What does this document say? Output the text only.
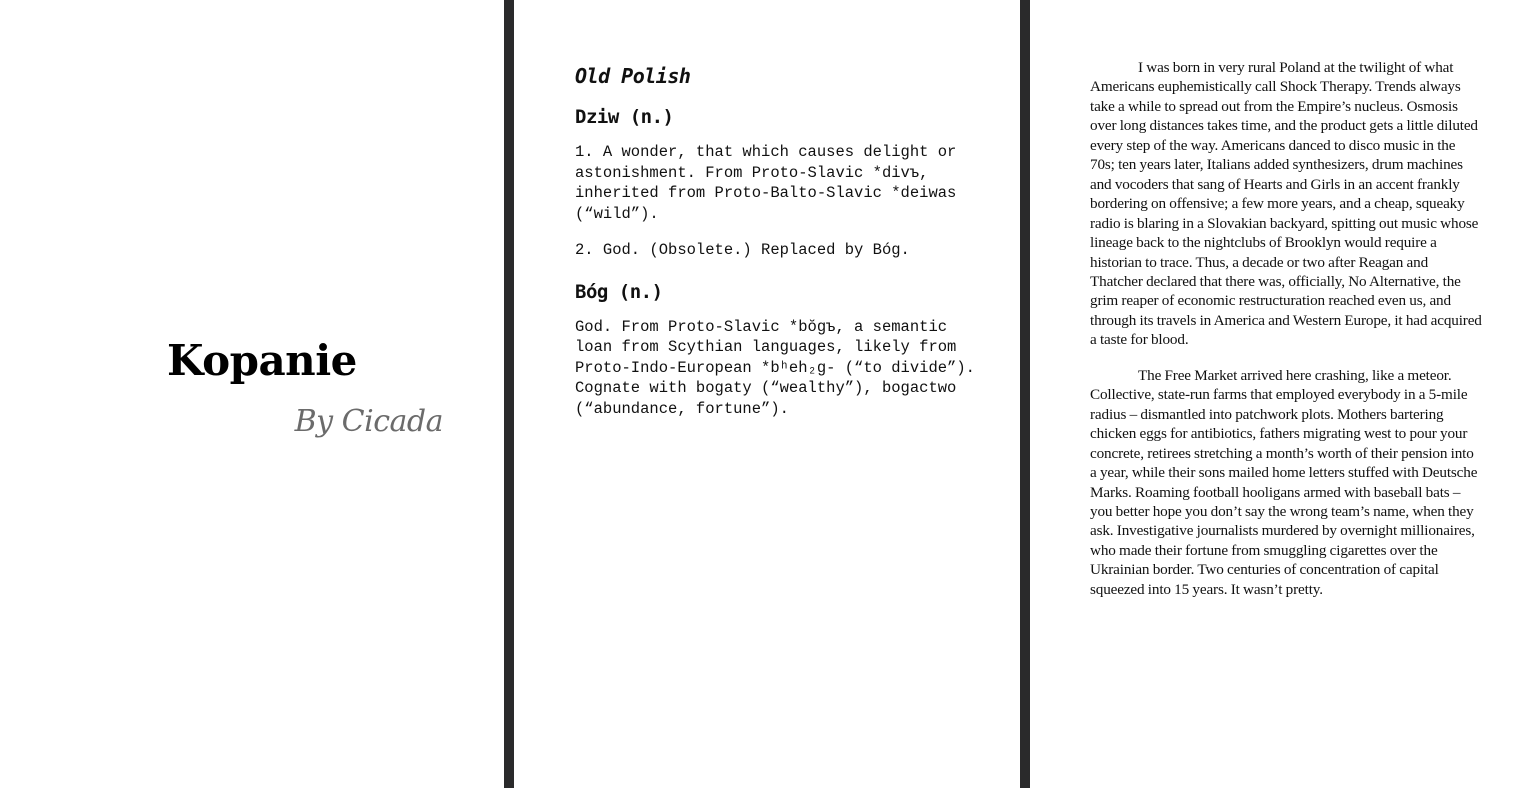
Kopanie
By Cicada
Old Polish
Dziw (n.)
1. A wonder, that which causes delight or
astonishment. From Proto-Slavic *divъ,
inherited from Proto-Balto-Slavic *deiwas
(“wild”).
2. God. (Obsolete.) Replaced by Bóg.
Bóg (n.)
God. From Proto-Slavic *bŏgъ, a semantic
loan from Scythian languages, likely from
Proto-Indo-European *bʰeh₂g- (“to divide”).
Cognate with bogaty (“wealthy”), bogactwo
(“abundance, fortune”).

I was born in very rural Poland at the twilight of what Americans euphemistically call Shock Therapy. Trends always take a while to spread out from the Empire’s nucleus. Osmosis over long distances takes time, and the product gets a little diluted every step of the way. Americans danced to disco music in the 70s; ten years later, Italians added synthesizers, drum machines and vocoders that sang of Hearts and Girls in an accent frankly bordering on offensive; a few more years, and a cheap, squeaky radio is blaring in a Slovakian backyard, spitting out music whose lineage back to the nightclubs of Brooklyn would require a historian to trace. Thus, a decade or two after Reagan and Thatcher declared that there was, officially, No Alternative, the grim reaper of economic restructuration reached even us, and through its travels in America and Western Europe, it had acquired a taste for blood.

The Free Market arrived here crashing, like a meteor. Collective, state-run farms that employed everybody in a 5-mile radius – dismantled into patchwork plots. Mothers bartering chicken eggs for antibiotics, fathers migrating west to pour your concrete, retirees stretching a month’s worth of their pension into a year, while their sons mailed home letters stuffed with Deutsche Marks. Roaming football hooligans armed with baseball bats – you better hope you don’t say the wrong team’s name, when they ask. Investigative journalists murdered by overnight millionaires, who made their fortune from smuggling cigarettes over the Ukrainian border. Two centuries of concentration of capital squeezed into 15 years. It wasn’t pretty.
